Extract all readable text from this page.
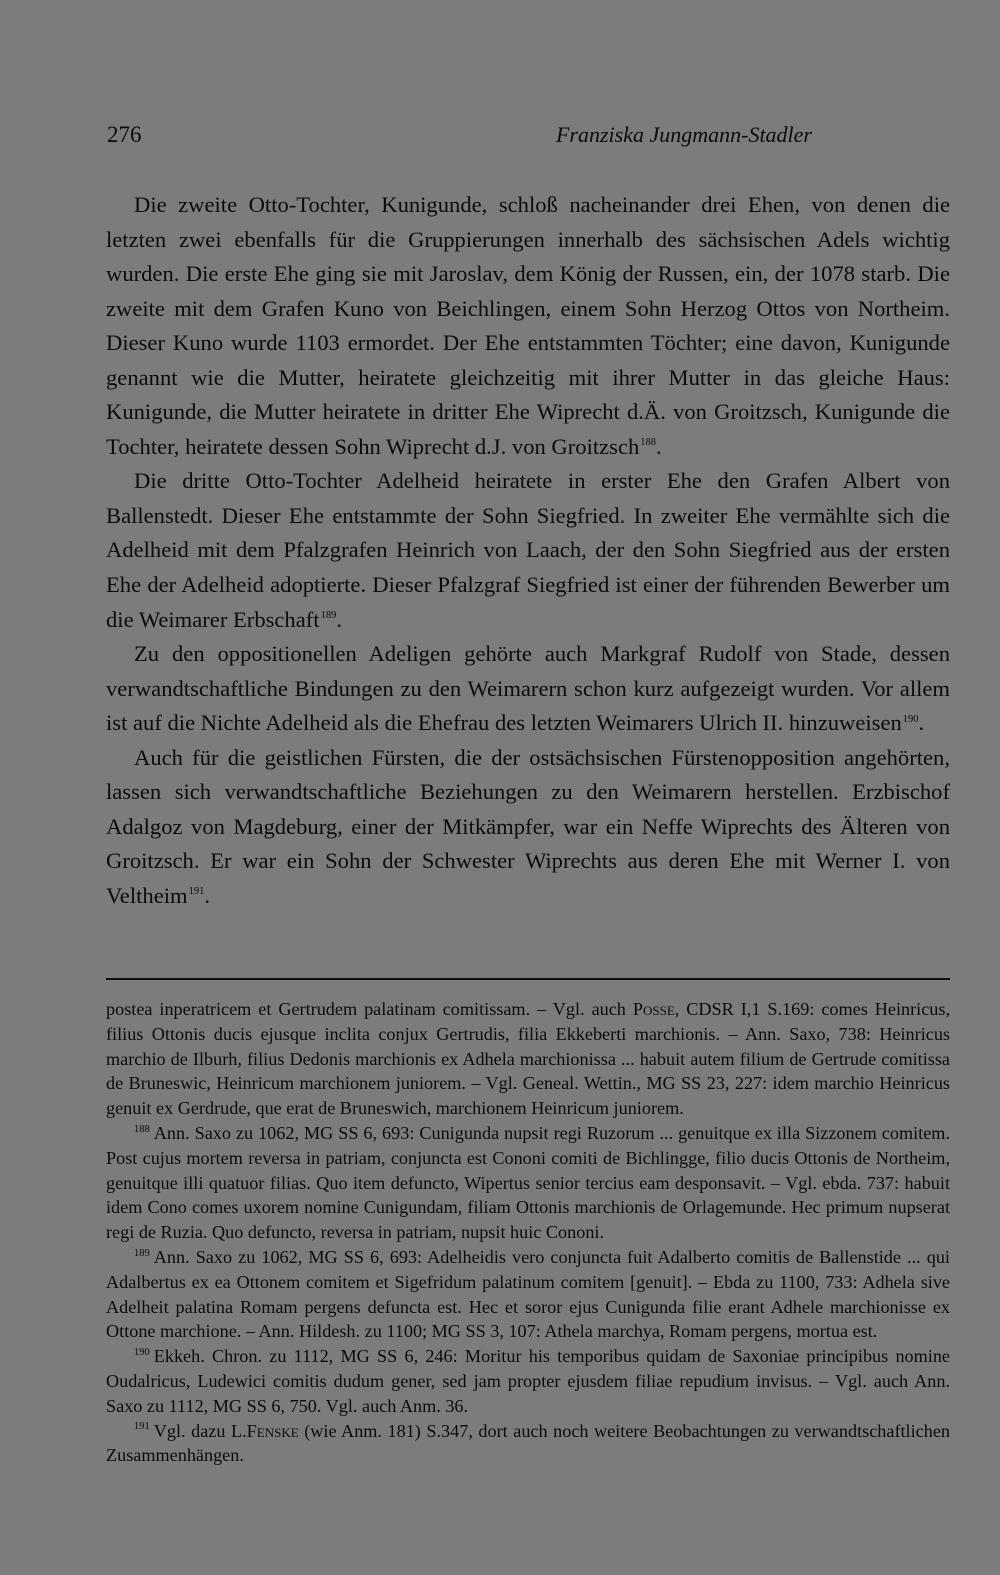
276	Franziska Jungmann-Stadler

Die zweite Otto-Tochter, Kunigunde, schloß nacheinander drei Ehen, von denen die letzten zwei ebenfalls für die Gruppierungen innerhalb des sächsischen Adels wichtig wurden. Die erste Ehe ging sie mit Jaroslav, dem König der Russen, ein, der 1078 starb. Die zweite mit dem Grafen Kuno von Beichlingen, einem Sohn Herzog Ottos von Northeim. Dieser Kuno wurde 1103 ermordet. Der Ehe entstammten Töchter; eine davon, Kunigunde genannt wie die Mutter, heiratete gleichzeitig mit ihrer Mutter in das gleiche Haus: Kunigunde, die Mutter heiratete in dritter Ehe Wiprecht d.Ä. von Groitzsch, Kunigunde die Tochter, heiratete dessen Sohn Wiprecht d.J. von Groitzsch$^{188}$.

Die dritte Otto-Tochter Adelheid heiratete in erster Ehe den Grafen Albert von Ballenstedt. Dieser Ehe entstammte der Sohn Siegfried. In zweiter Ehe vermählte sich die Adelheid mit dem Pfalzgrafen Heinrich von Laach, der den Sohn Siegfried aus der ersten Ehe der Adelheid adoptierte. Dieser Pfalzgraf Siegfried ist einer der führenden Bewerber um die Weimarer Erbschaft$^{189}$.

Zu den oppositionellen Adeligen gehörte auch Markgraf Rudolf von Stade, dessen verwandtschaftliche Bindungen zu den Weimarern schon kurz aufgezeigt wurden. Vor allem ist auf die Nichte Adelheid als die Ehefrau des letzten Weimarers Ulrich II. hinzuweisen$^{190}$.

Auch für die geistlichen Fürsten, die der ostsächsischen Fürstenopposition angehörten, lassen sich verwandtschaftliche Beziehungen zu den Weimarern herstellen. Erzbischof Adalgoz von Magdeburg, einer der Mitkämpfer, war ein Neffe Wiprechts des Älteren von Groitzsch. Er war ein Sohn der Schwester Wiprechts aus deren Ehe mit Werner I. von Veltheim$^{191}$.

postea inperatricem et Gertrudem palatinam comitissam. – Vgl. auch Posse, CDSR I,1 S.169: comes Heinricus, filius Ottonis ducis ejusque inclita conjux Gertrudis, filia Ekkeberti marchionis. – Ann. Saxo, 738: Heinricus marchio de Ilburh, filius Dedonis marchionis ex Adhela marchionissa ... habuit autem filium de Gertrude comitissa de Bruneswic, Heinricum marchionem juniorem. – Vgl. Geneal. Wettin., MG SS 23, 227: idem marchio Heinricus genuit ex Gerdrude, que erat de Bruneswich, marchionem Heinricum juniorem.

$^{188}$ Ann. Saxo zu 1062, MG SS 6, 693: Cunigunda nupsit regi Ruzorum ... genuitque ex illa Sizzonem comitem. Post cujus mortem reversa in patriam, conjuncta est Cononi comiti de Bichlingge, filio ducis Ottonis de Northeim, genuitque illi quatuor filias. Quo item defuncto, Wipertus senior tercius eam desponsavit. – Vgl. ebda. 737: habuit idem Cono comes uxorem nomine Cunigundam, filiam Ottonis marchionis de Orlagemunde. Hec primum nupserat regi de Ruzia. Quo defuncto, reversa in patriam, nupsit huic Cononi.

$^{189}$ Ann. Saxo zu 1062, MG SS 6, 693: Adelheidis vero conjuncta fuit Adalberto comitis de Ballenstide ... qui Adalbertus ex ea Ottonem comitem et Sigefridum palatinum comitem [genuit]. – Ebda zu 1100, 733: Adhela sive Adelheit palatina Romam pergens defuncta est. Hec et soror ejus Cunigunda filie erant Adhele marchionisse ex Ottone marchione. – Ann. Hildesh. zu 1100; MG SS 3, 107: Athela marchya, Romam pergens, mortua est.

$^{190}$ Ekkeh. Chron. zu 1112, MG SS 6, 246: Moritur his temporibus quidam de Saxoniae principibus nomine Oudalricus, Ludewici comitis dudum gener, sed jam propter ejusdem filiae repudium invisus. – Vgl. auch Ann. Saxo zu 1112, MG SS 6, 750. Vgl. auch Anm. 36.

$^{191}$ Vgl. dazu L.Fenske (wie Anm. 181) S.347, dort auch noch weitere Beobachtungen zu verwandtschaftlichen Zusammenhängen.
